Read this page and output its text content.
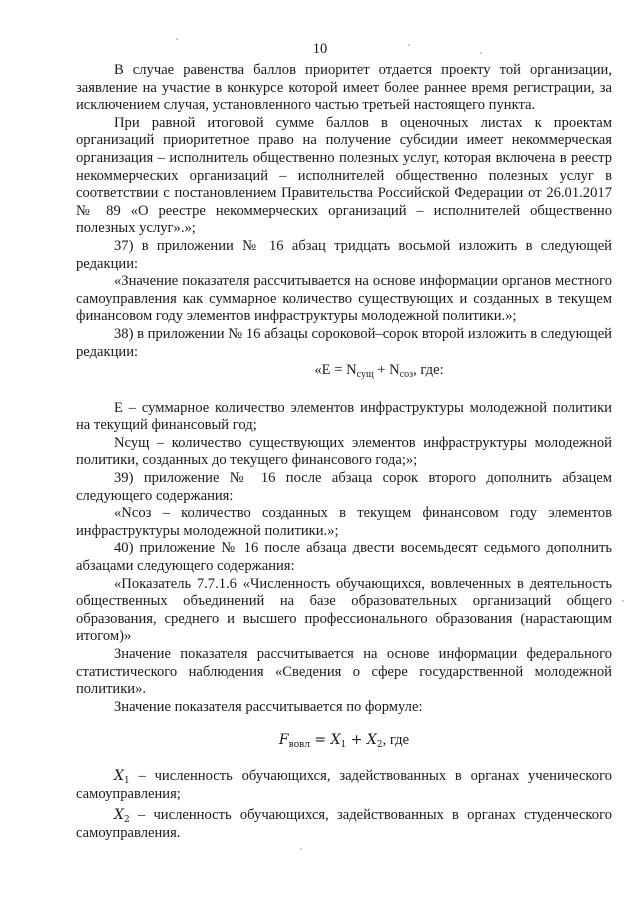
10

В случае равенства баллов приоритет отдается проекту той организации, заявление на участие в конкурсе которой имеет более раннее время регистрации, за исключением случая, установленного частью третьей настоящего пункта.

При равной итоговой сумме баллов в оценочных листах к проектам организаций приоритетное право на получение субсидии имеет некоммерческая организация – исполнитель общественно полезных услуг, которая включена в реестр некоммерческих организаций – исполнителей общественно полезных услуг в соответствии с постановлением Правительства Российской Федерации от 26.01.2017 № 89 «О реестре некоммерческих организаций – исполнителей общественно полезных услуг».»;

37) в приложении № 16 абзац тридцать восьмой изложить в следующей редакции:

«Значение показателя рассчитывается на основе информации органов местного самоуправления как суммарное количество существующих и созданных в текущем финансовом году элементов инфраструктуры молодежной политики.»;

38) в приложении № 16 абзацы сороковой–сорок второй изложить в следующей редакции:

«$E = N_{сущ} + N_{соз}$, где:

Е – суммарное количество элементов инфраструктуры молодежной политики на текущий финансовый год;

Nсущ – количество существующих элементов инфраструктуры молодежной политики, созданных до текущего финансового года;»;

39) приложение № 16 после абзаца сорок второго дополнить абзацем следующего содержания:

«Nсоз – количество созданных в текущем финансовом году элементов инфраструктуры молодежной политики.»;

40) приложение № 16 после абзаца двести восемьдесят седьмого дополнить абзацами следующего содержания:

«Показатель 7.7.1.6 «Численность обучающихся, вовлеченных в деятельность общественных объединений на базе образовательных организаций общего образования, среднего и высшего профессионального образования (нарастающим итогом)»

Значение показателя рассчитывается на основе информации федерального статистического наблюдения «Сведения о сфере государственной молодежной политики».

Значение показателя рассчитывается по формуле:

$F_{вовл} = X_1 + X_2$, где

$X_1$ – численность обучающихся, задействованных в органах ученического самоуправления;

$X_2$ – численность обучающихся, задействованных в органах студенческого самоуправления.
